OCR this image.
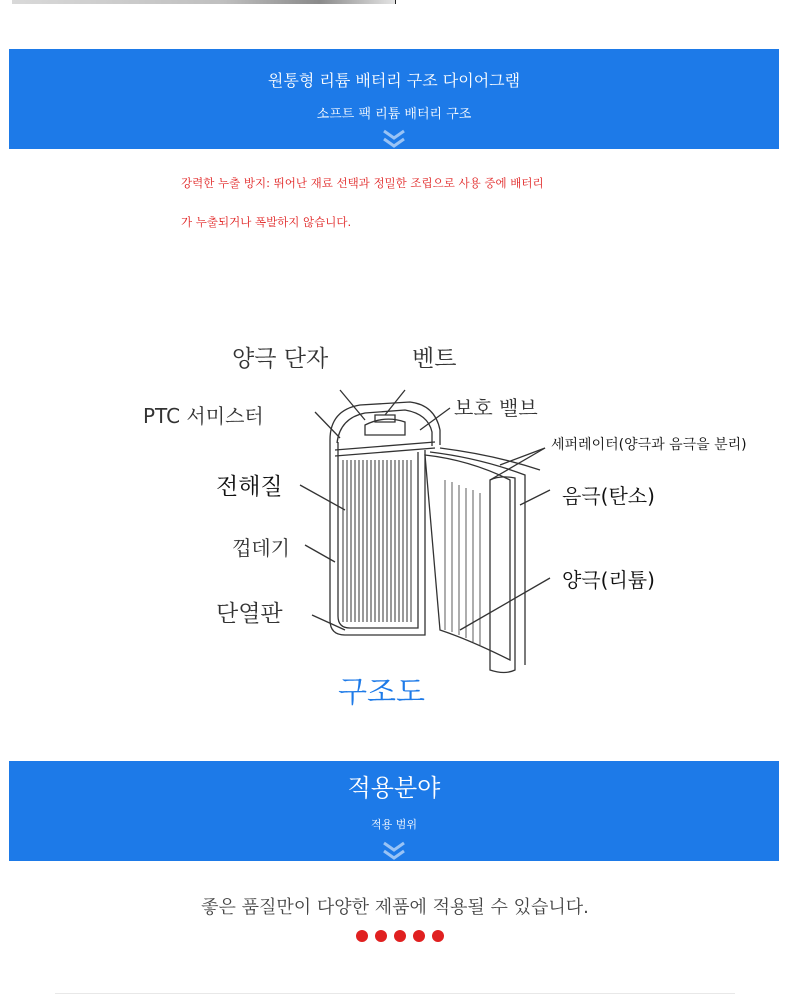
원통형 리튬 배터리 구조 다이어그램
소프트 팩 리튬 배터리 구조
강력한 누출 방지: 뛰어난 재료 선택과 정밀한 조립으로 사용 중에 배터리
가 누출되거나 폭발하지 않습니다.
양극 단자	벤트
보호 밸브
PTC 서미스터
세퍼레이터(양극과 음극을 분리)
전해질	음극(탄소)
껍데기
양극(리튬)
단열판
구조도
적용분야
적용 범위
좋은 품질만이 다양한 제품에 적용될 수 있습니다.
